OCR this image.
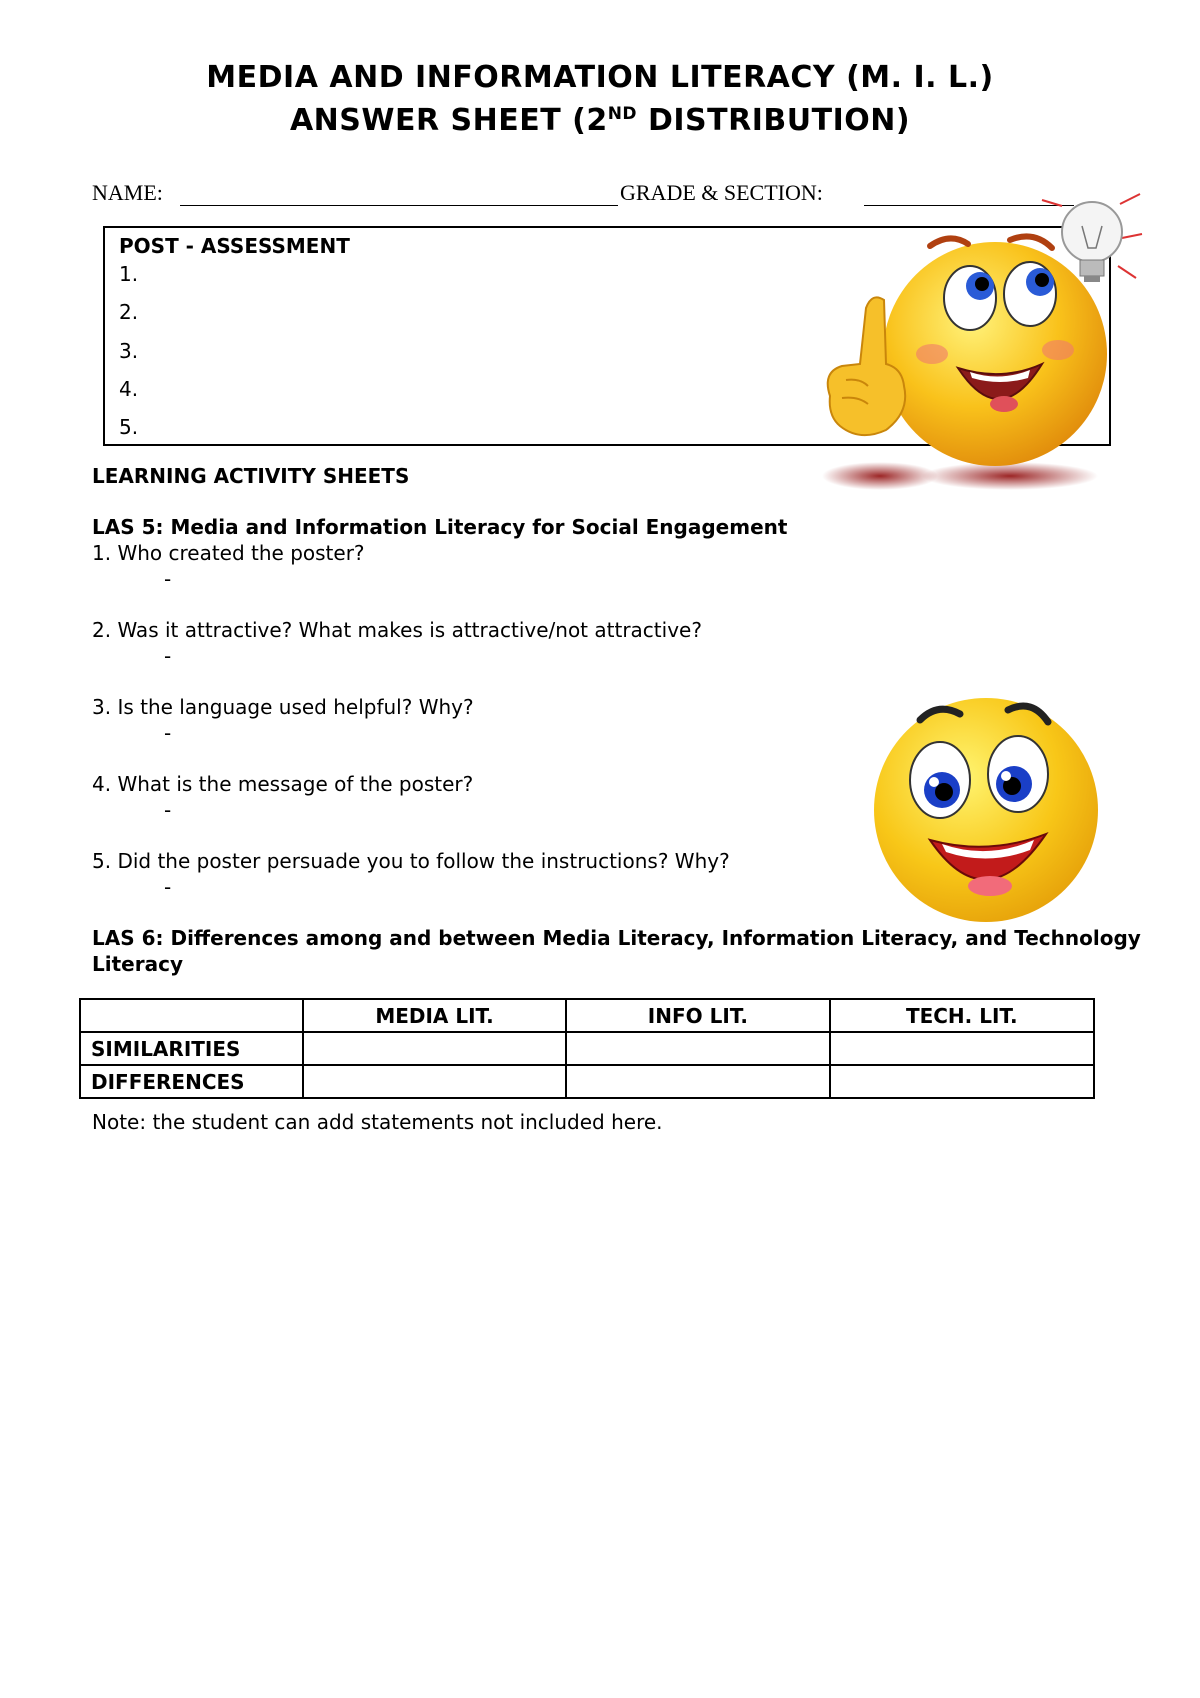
MEDIA AND INFORMATION LITERACY (M. I. L.)
ANSWER SHEET (2ND DISTRIBUTION)
NAME:	GRADE & SECTION:
POST - ASSESSMENT
1.
2.
3.
4.
5.
LEARNING ACTIVITY SHEETS
LAS 5: Media and Information Literacy for Social Engagement
1. Who created the poster?
-
2. Was it attractive? What makes is attractive/not attractive?
-
3. Is the language used helpful? Why?
-
4. What is the message of the poster?
-
5. Did the poster persuade you to follow the instructions? Why?
-
LAS 6: Differences among and between Media Literacy, Information Literacy, and Technology
Literacy
	MEDIA LIT.	INFO LIT.	TECH. LIT.
SIMILARITIES			
DIFFERENCES			
Note: the student can add statements not included here.
